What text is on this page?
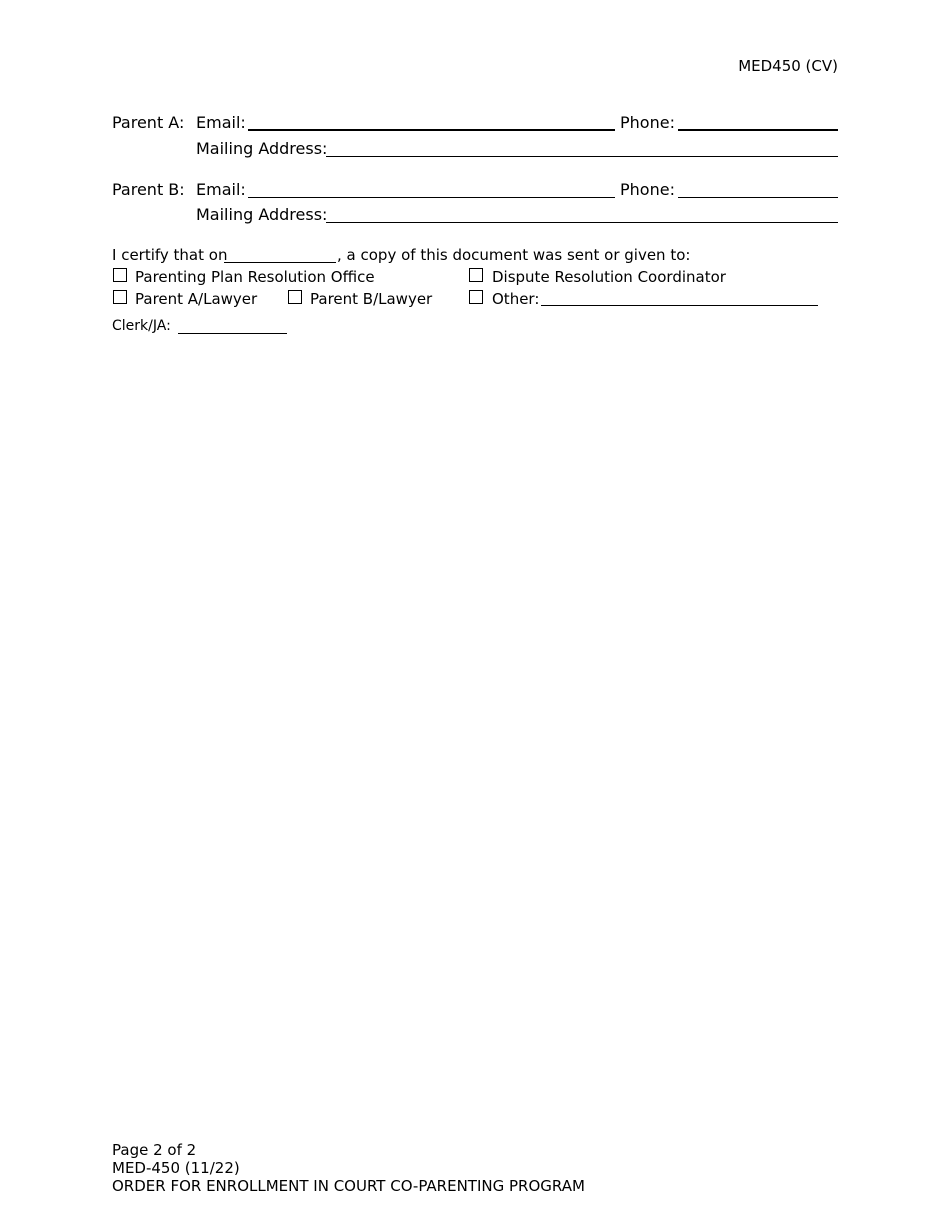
MED450 (CV)
Parent A: Email:	Phone:
Mailing Address:
Parent B: Email:	Phone:
Mailing Address:
I certify that on	, a copy of this document was sent or given to:
Parenting Plan Resolution Office	Dispute Resolution Coordinator
Parent A/Lawyer	Parent B/Lawyer	Other:
Clerk/JA:
Page 2 of 2
MED-450 (11/22)
ORDER FOR ENROLLMENT IN COURT CO-PARENTING PROGRAM
